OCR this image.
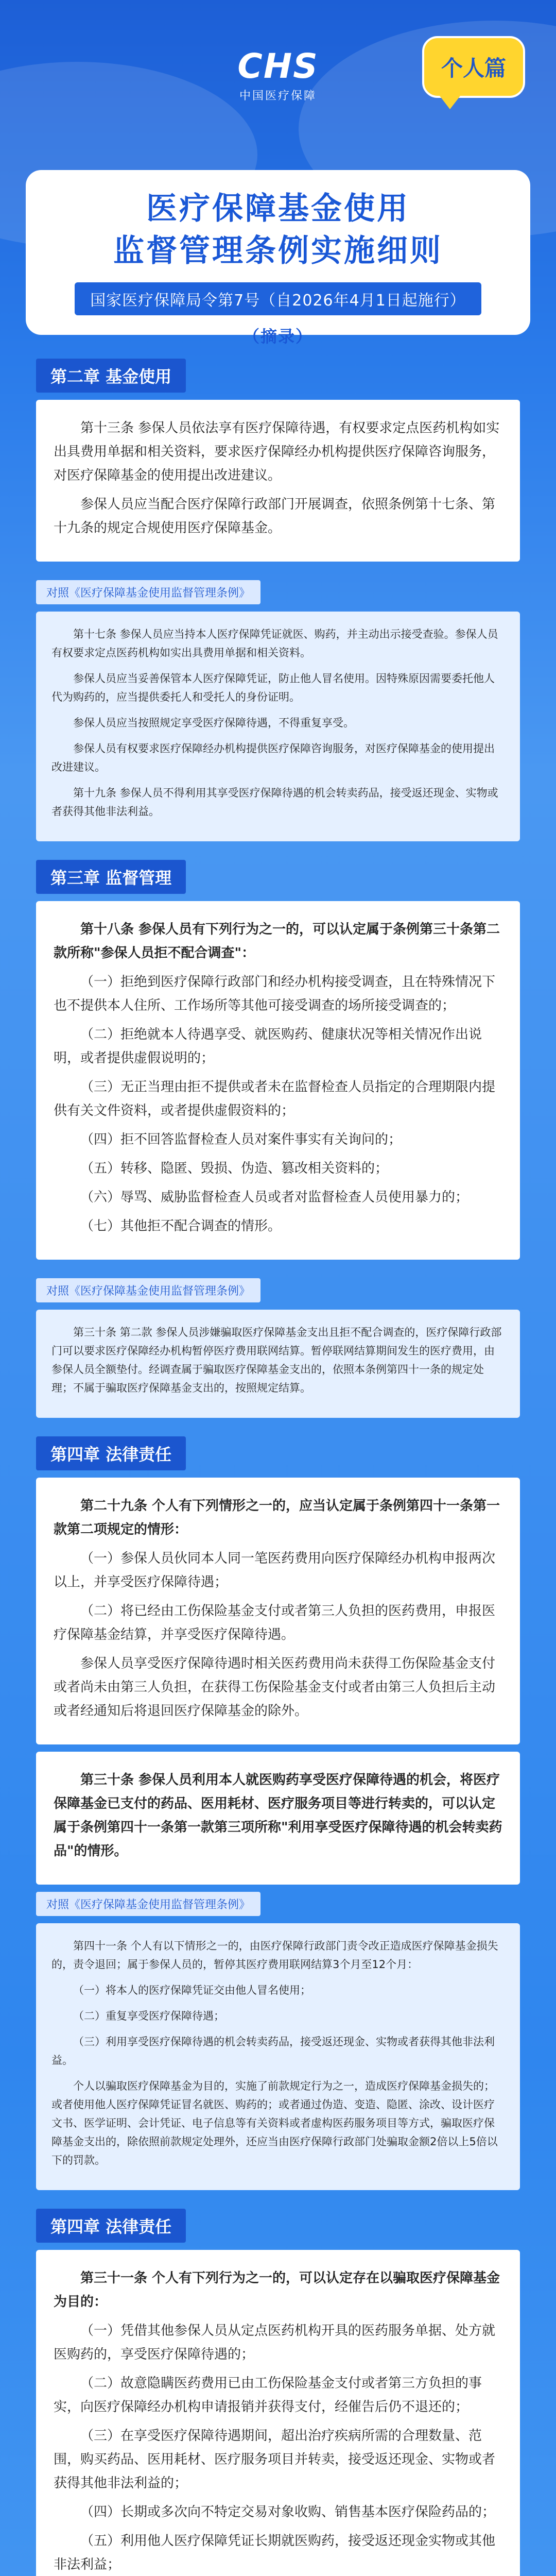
CHS
中国医疗保障
个人篇
医疗保障基金使用
监督管理条例实施细则
国家医疗保障局令第7号（自2026年4月1日起施行）
（摘录）
第二章 基金使用

第十三条 参保人员依法享有医疗保障待遇，有权要求定点医药机构如实出具费用单据和相关资料，要求医疗保障经办机构提供医疗保障咨询服务，对医疗保障基金的使用提出改进建议。

参保人员应当配合医疗保障行政部门开展调查，依照条例第十七条、第十九条的规定合规使用医疗保障基金。

对照《医疗保障基金使用监督管理条例》

第十七条 参保人员应当持本人医疗保障凭证就医、购药，并主动出示接受查验。参保人员有权要求定点医药机构如实出具费用单据和相关资料。

参保人员应当妥善保管本人医疗保障凭证，防止他人冒名使用。因特殊原因需要委托他人代为购药的，应当提供委托人和受托人的身份证明。

参保人员应当按照规定享受医疗保障待遇，不得重复享受。

参保人员有权要求医疗保障经办机构提供医疗保障咨询服务，对医疗保障基金的使用提出改进建议。

第十九条 参保人员不得利用其享受医疗保障待遇的机会转卖药品，接受返还现金、实物或者获得其他非法利益。

第三章 监督管理

第十八条 参保人员有下列行为之一的，可以认定属于条例第三十条第二款所称"参保人员拒不配合调查"：

（一）拒绝到医疗保障行政部门和经办机构接受调查，且在特殊情况下也不提供本人住所、工作场所等其他可接受调查的场所接受调查的；

（二）拒绝就本人待遇享受、就医购药、健康状况等相关情况作出说明，或者提供虚假说明的；

（三）无正当理由拒不提供或者未在监督检查人员指定的合理期限内提供有关文件资料，或者提供虚假资料的；

（四）拒不回答监督检查人员对案件事实有关询问的；

（五）转移、隐匿、毁损、伪造、篡改相关资料的；

（六）辱骂、威胁监督检查人员或者对监督检查人员使用暴力的；

（七）其他拒不配合调查的情形。

对照《医疗保障基金使用监督管理条例》

第三十条 第二款 参保人员涉嫌骗取医疗保障基金支出且拒不配合调查的，医疗保障行政部门可以要求医疗保障经办机构暂停医疗费用联网结算。暂停联网结算期间发生的医疗费用，由参保人员全额垫付。经调查属于骗取医疗保障基金支出的，依照本条例第四十一条的规定处理；不属于骗取医疗保障基金支出的，按照规定结算。

第四章 法律责任

第二十九条 个人有下列情形之一的，应当认定属于条例第四十一条第一款第二项规定的情形：

（一）参保人员伙同本人同一笔医药费用向医疗保障经办机构申报两次以上，并享受医疗保障待遇；

（二）将已经由工伤保险基金支付或者第三人负担的医药费用，申报医疗保障基金结算，并享受医疗保障待遇。

参保人员享受医疗保障待遇时相关医药费用尚未获得工伤保险基金支付或者尚未由第三人负担，在获得工伤保险基金支付或者由第三人负担后主动或者经通知后将退回医疗保障基金的除外。

第三十条 参保人员利用本人就医购药享受医疗保障待遇的机会，将医疗保障基金已支付的药品、医用耗材、医疗服务项目等进行转卖的，可以认定属于条例第四十一条第一款第三项所称"利用享受医疗保障待遇的机会转卖药品"的情形。

对照《医疗保障基金使用监督管理条例》

第四十一条 个人有以下情形之一的，由医疗保障行政部门责令改正造成医疗保障基金损失的，责令退回；属于参保人员的，暂停其医疗费用联网结算3个月至12个月：

（一）将本人的医疗保障凭证交由他人冒名使用；

（二）重复享受医疗保障待遇；

（三）利用享受医疗保障待遇的机会转卖药品，接受返还现金、实物或者获得其他非法利益。

个人以骗取医疗保障基金为目的，实施了前款规定行为之一，造成医疗保障基金损失的；或者使用他人医疗保障凭证冒名就医、购药的；或者通过伪造、变造、隐匿、涂改、设计医疗文书、医学证明、会计凭证、电子信息等有关资料或者虚构医药服务项目等方式，骗取医疗保障基金支出的，除依照前款规定处理外，还应当由医疗保障行政部门处骗取金额2倍以上5倍以下的罚款。

第四章 法律责任

第三十一条 个人有下列行为之一的，可以认定存在以骗取医疗保障基金为目的：

（一）凭借其他参保人员从定点医药机构开具的医药服务单据、处方就医购药的，享受医疗保障待遇的；

（二）故意隐瞒医药费用已由工伤保险基金支付或者第三方负担的事实，向医疗保障经办机构申请报销并获得支付，经催告后仍不退还的；

（三）在享受医疗保障待遇期间，超出治疗疾病所需的合理数量、范围，购买药品、医用耗材、医疗服务项目并转卖，接受返还现金、实物或者获得其他非法利益的；

（四）长期或多次向不特定交易对象收购、销售基本医疗保险药品的；

（五）利用他人医疗保障凭证长期就医购药，接受返还现金实物或其他非法利益；
